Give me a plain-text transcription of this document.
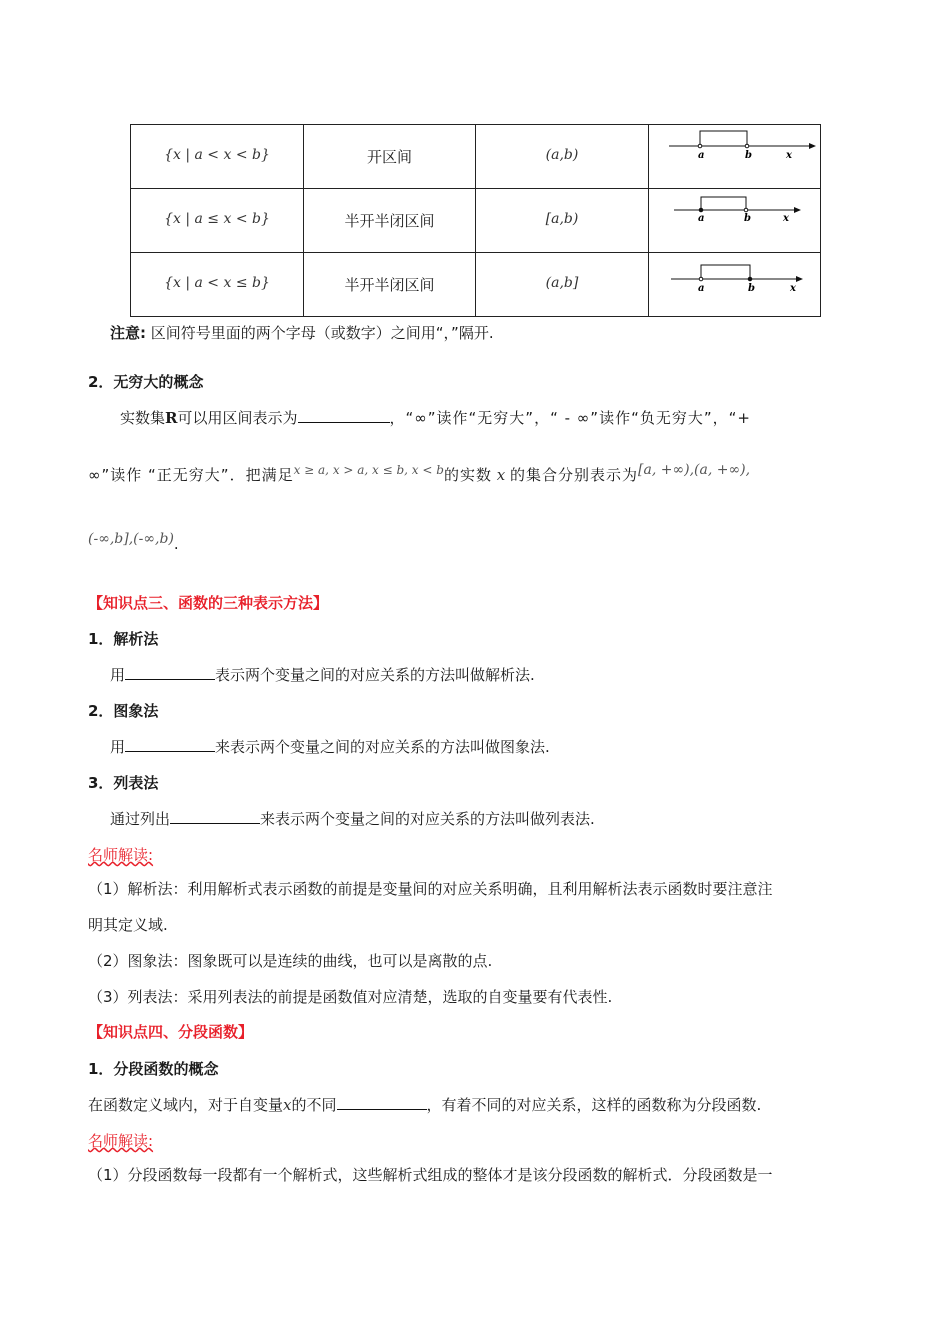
{x | a < x < b}	开区间	(a,b)	a b x

{x | a ≤ x < b}	半开半闭区间	[a,b)	a b x

{x | a < x ≤ b}	半开半闭区间	(a,b]	a b x
注意: 区间符号里面的两个字母（或数字）之间用“，”隔开.
2．无穷大的概念
实数集R可以用区间表示为	，“∞”读作“无穷大”，“ - ∞”读作“负无穷大”，“+
∞”读作 “正无穷大”．把满足$^{x \ge a, x > a, x \le b, x < b}$的实数 x 的集合分别表示为[a, +∞),(a, +∞),
(-∞,b],(-∞,b).
【知识点三、函数的三种表示方法】
1．解析法
用	表示两个变量之间的对应关系的方法叫做解析法.
2．图象法
用	来表示两个变量之间的对应关系的方法叫做图象法.
3．列表法
通过列出	来表示两个变量之间的对应关系的方法叫做列表法.
名师解读:
（1）解析法：利用解析式表示函数的前提是变量间的对应关系明确，且利用解析法表示函数时要注意注
明其定义域.
（2）图象法：图象既可以是连续的曲线，也可以是离散的点.
（3）列表法：采用列表法的前提是函数值对应清楚，选取的自变量要有代表性.
【知识点四、分段函数】
1．分段函数的概念
在函数定义域内，对于自变量x的不同	，有着不同的对应关系，这样的函数称为分段函数.
名师解读:
（1）分段函数每一段都有一个解析式，这些解析式组成的整体才是该分段函数的解析式．分段函数是一
